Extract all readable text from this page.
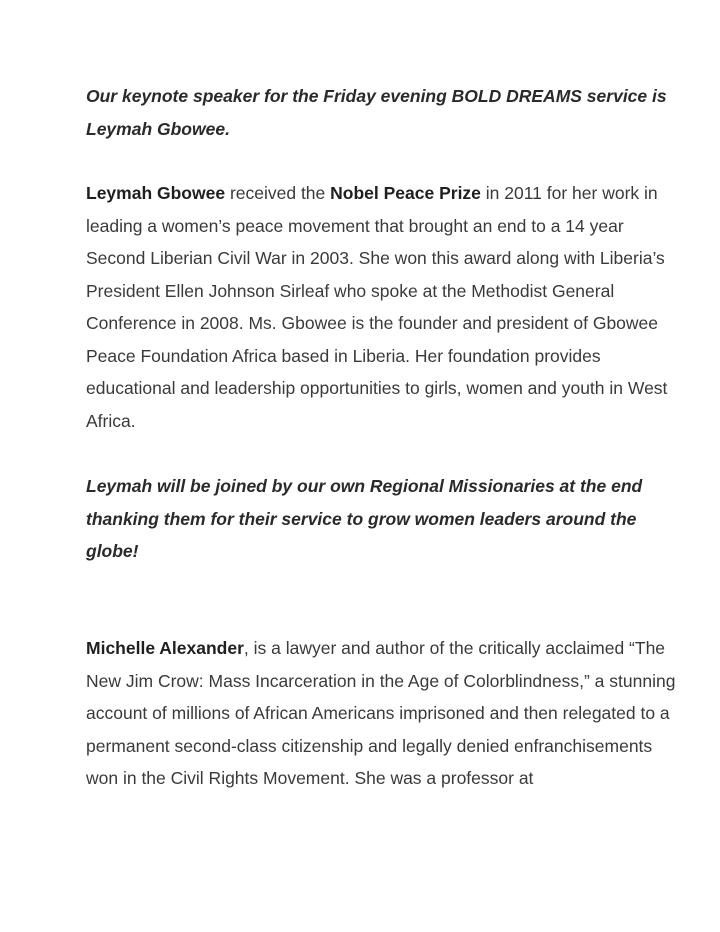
Our keynote speaker for the Friday evening BOLD DREAMS service is Leymah Gbowee.

Leymah Gbowee received the Nobel Peace Prize in 2011 for her work in leading a women’s peace movement that brought an end to a 14 year Second Liberian Civil War in 2003. She won this award along with Liberia’s President Ellen Johnson Sirleaf who spoke at the Methodist General Conference in 2008. Ms. Gbowee is the founder and president of Gbowee Peace Foundation Africa based in Liberia. Her foundation provides educational and leadership opportunities to girls, women and youth in West Africa.

Leymah will be joined by our own Regional Missionaries at the end thanking them for their service to grow women leaders around the globe!

Michelle Alexander, is a lawyer and author of the critically acclaimed “The New Jim Crow: Mass Incarceration in the Age of Colorblindness,” a stunning account of millions of African Americans imprisoned and then relegated to a permanent second-class citizenship and legally denied enfranchisements won in the Civil Rights Movement. She was a professor at
